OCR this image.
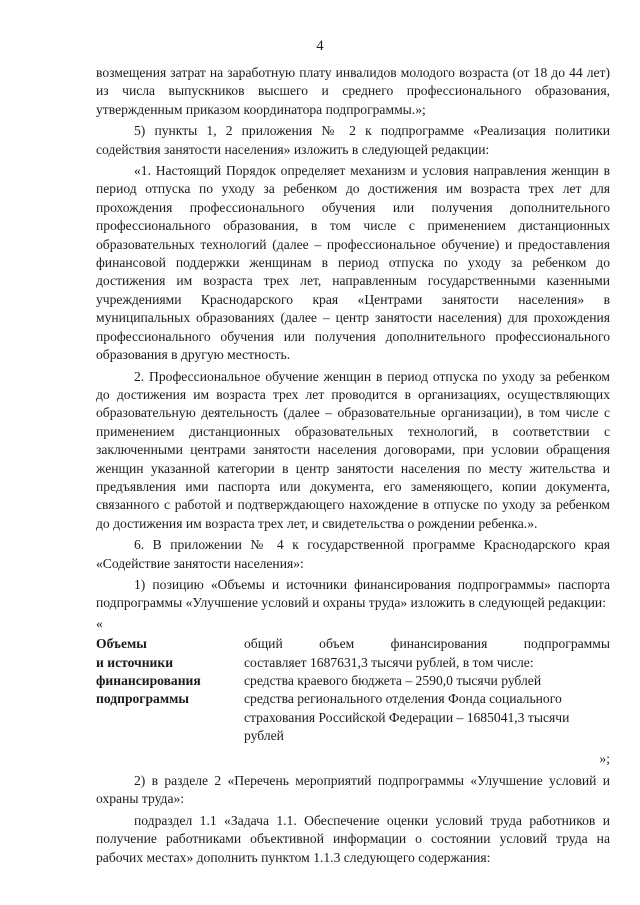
4

возмещения затрат на заработную плату инвалидов молодого возраста (от 18 до 44 лет) из числа выпускников высшего и среднего профессионального образования, утвержденным приказом координатора подпрограммы.»;

5) пункты 1, 2 приложения № 2 к подпрограмме «Реализация политики содействия занятости населения» изложить в следующей редакции:

«1. Настоящий Порядок определяет механизм и условия направления женщин в период отпуска по уходу за ребенком до достижения им возраста трех лет для прохождения профессионального обучения или получения дополнительного профессионального образования, в том числе с применением дистанционных образовательных технологий (далее – профессиональное обучение) и предоставления финансовой поддержки женщинам в период отпуска по уходу за ребенком до достижения им возраста трех лет, направленным государственными казенными учреждениями Краснодарского края «Центрами занятости населения» в муниципальных образованиях (далее – центр занятости населения) для прохождения профессионального обучения или получения дополнительного профессионального образования в другую местность.

2. Профессиональное обучение женщин в период отпуска по уходу за ребенком до достижения им возраста трех лет проводится в организациях, осуществляющих образовательную деятельность (далее – образовательные организации), в том числе с применением дистанционных образовательных технологий, в соответствии с заключенными центрами занятости населения договорами, при условии обращения женщин указанной категории в центр занятости населения по месту жительства и предъявления ими паспорта или документа, его заменяющего, копии документа, связанного с работой и подтверждающего нахождение в отпуске по уходу за ребенком до достижения им возраста трех лет, и свидетельства о рождении ребенка.».

6. В приложении № 4 к государственной программе Краснодарского края «Содействие занятости населения»:

1) позицию «Объемы и источники финансирования подпрограммы» паспорта подпрограммы «Улучшение условий и охраны труда» изложить в следующей редакции:

«

Объемы
и источники
финансирования
подпрограммы

общий объем финансирования подпрограммы

составляет 1687631,3 тысячи рублей, в том числе:

средства краевого бюджета – 2590,0 тысячи рублей

средства регионального отделения Фонда социального страхования Российской Федерации – 1685041,3 тысячи рублей

»;

2) в разделе 2 «Перечень мероприятий подпрограммы «Улучшение условий и охраны труда»:

подраздел 1.1 «Задача 1.1. Обеспечение оценки условий труда работников и получение работниками объективной информации о состоянии условий труда на рабочих местах» дополнить пунктом 1.1.3 следующего содержания:
